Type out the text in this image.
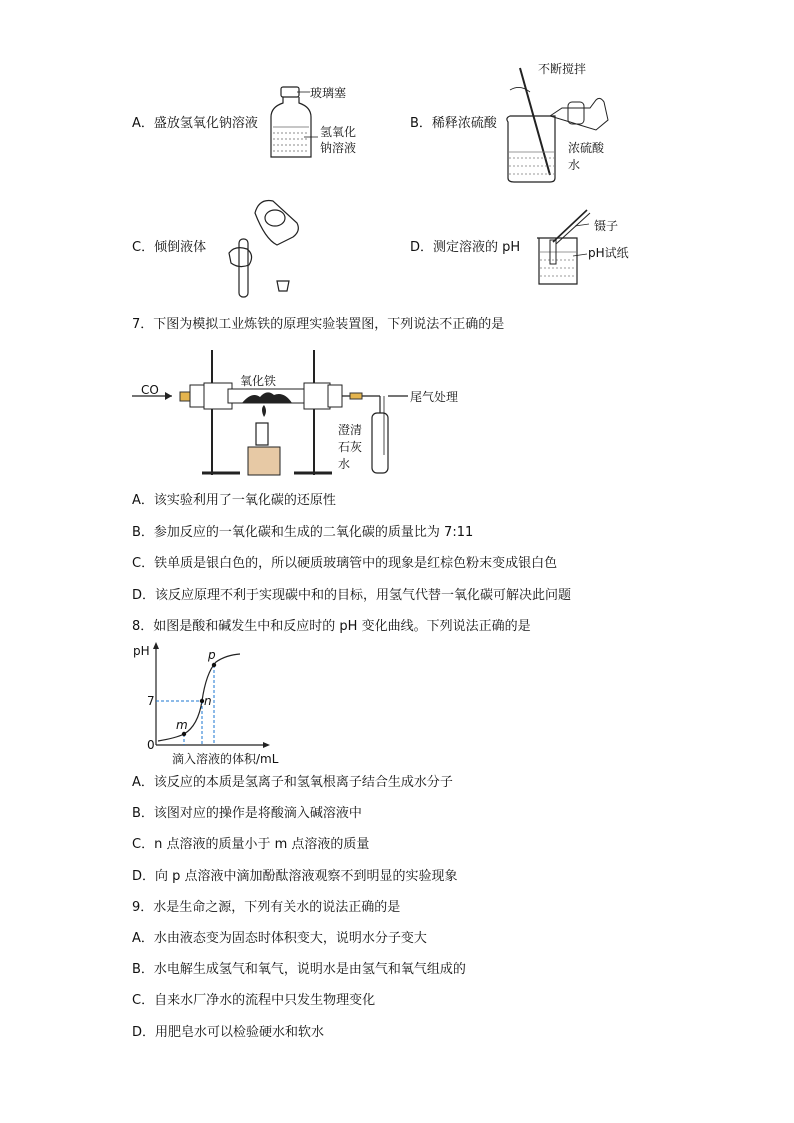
A．盛放氢氧化钠溶液
玻璃塞
氢氧化
钠溶液
B．稀释浓硫酸
不断搅拌
浓硫酸
水
C．倾倒液体	D．测定溶液的 pH
镊子
pH试纸
7．下图为模拟工业炼铁的原理实验装置图，下列说法不正确的是
CO
氧化铁
尾气处理
澄清
石灰
水
A．该实验利用了一氧化碳的还原性
B．参加反应的一氧化碳和生成的二氧化碳的质量比为 7:11
C．铁单质是银白色的，所以硬质玻璃管中的现象是红棕色粉末变成银白色
D．该反应原理不利于实现碳中和的目标，用氢气代替一氧化碳可解决此问题
8．如图是酸和碱发生中和反应时的 pH 变化曲线。下列说法正确的是
pH
7
0
m
n
p
滴入溶液的体积/mL
A．该反应的本质是氢离子和氢氧根离子结合生成水分子
B．该图对应的操作是将酸滴入碱溶液中
C．n 点溶液的质量小于 m 点溶液的质量
D．向 p 点溶液中滴加酚酞溶液观察不到明显的实验现象
9．水是生命之源，下列有关水的说法正确的是
A．水由液态变为固态时体积变大，说明水分子变大
B．水电解生成氢气和氧气，说明水是由氢气和氧气组成的
C．自来水厂净水的流程中只发生物理变化
D．用肥皂水可以检验硬水和软水
